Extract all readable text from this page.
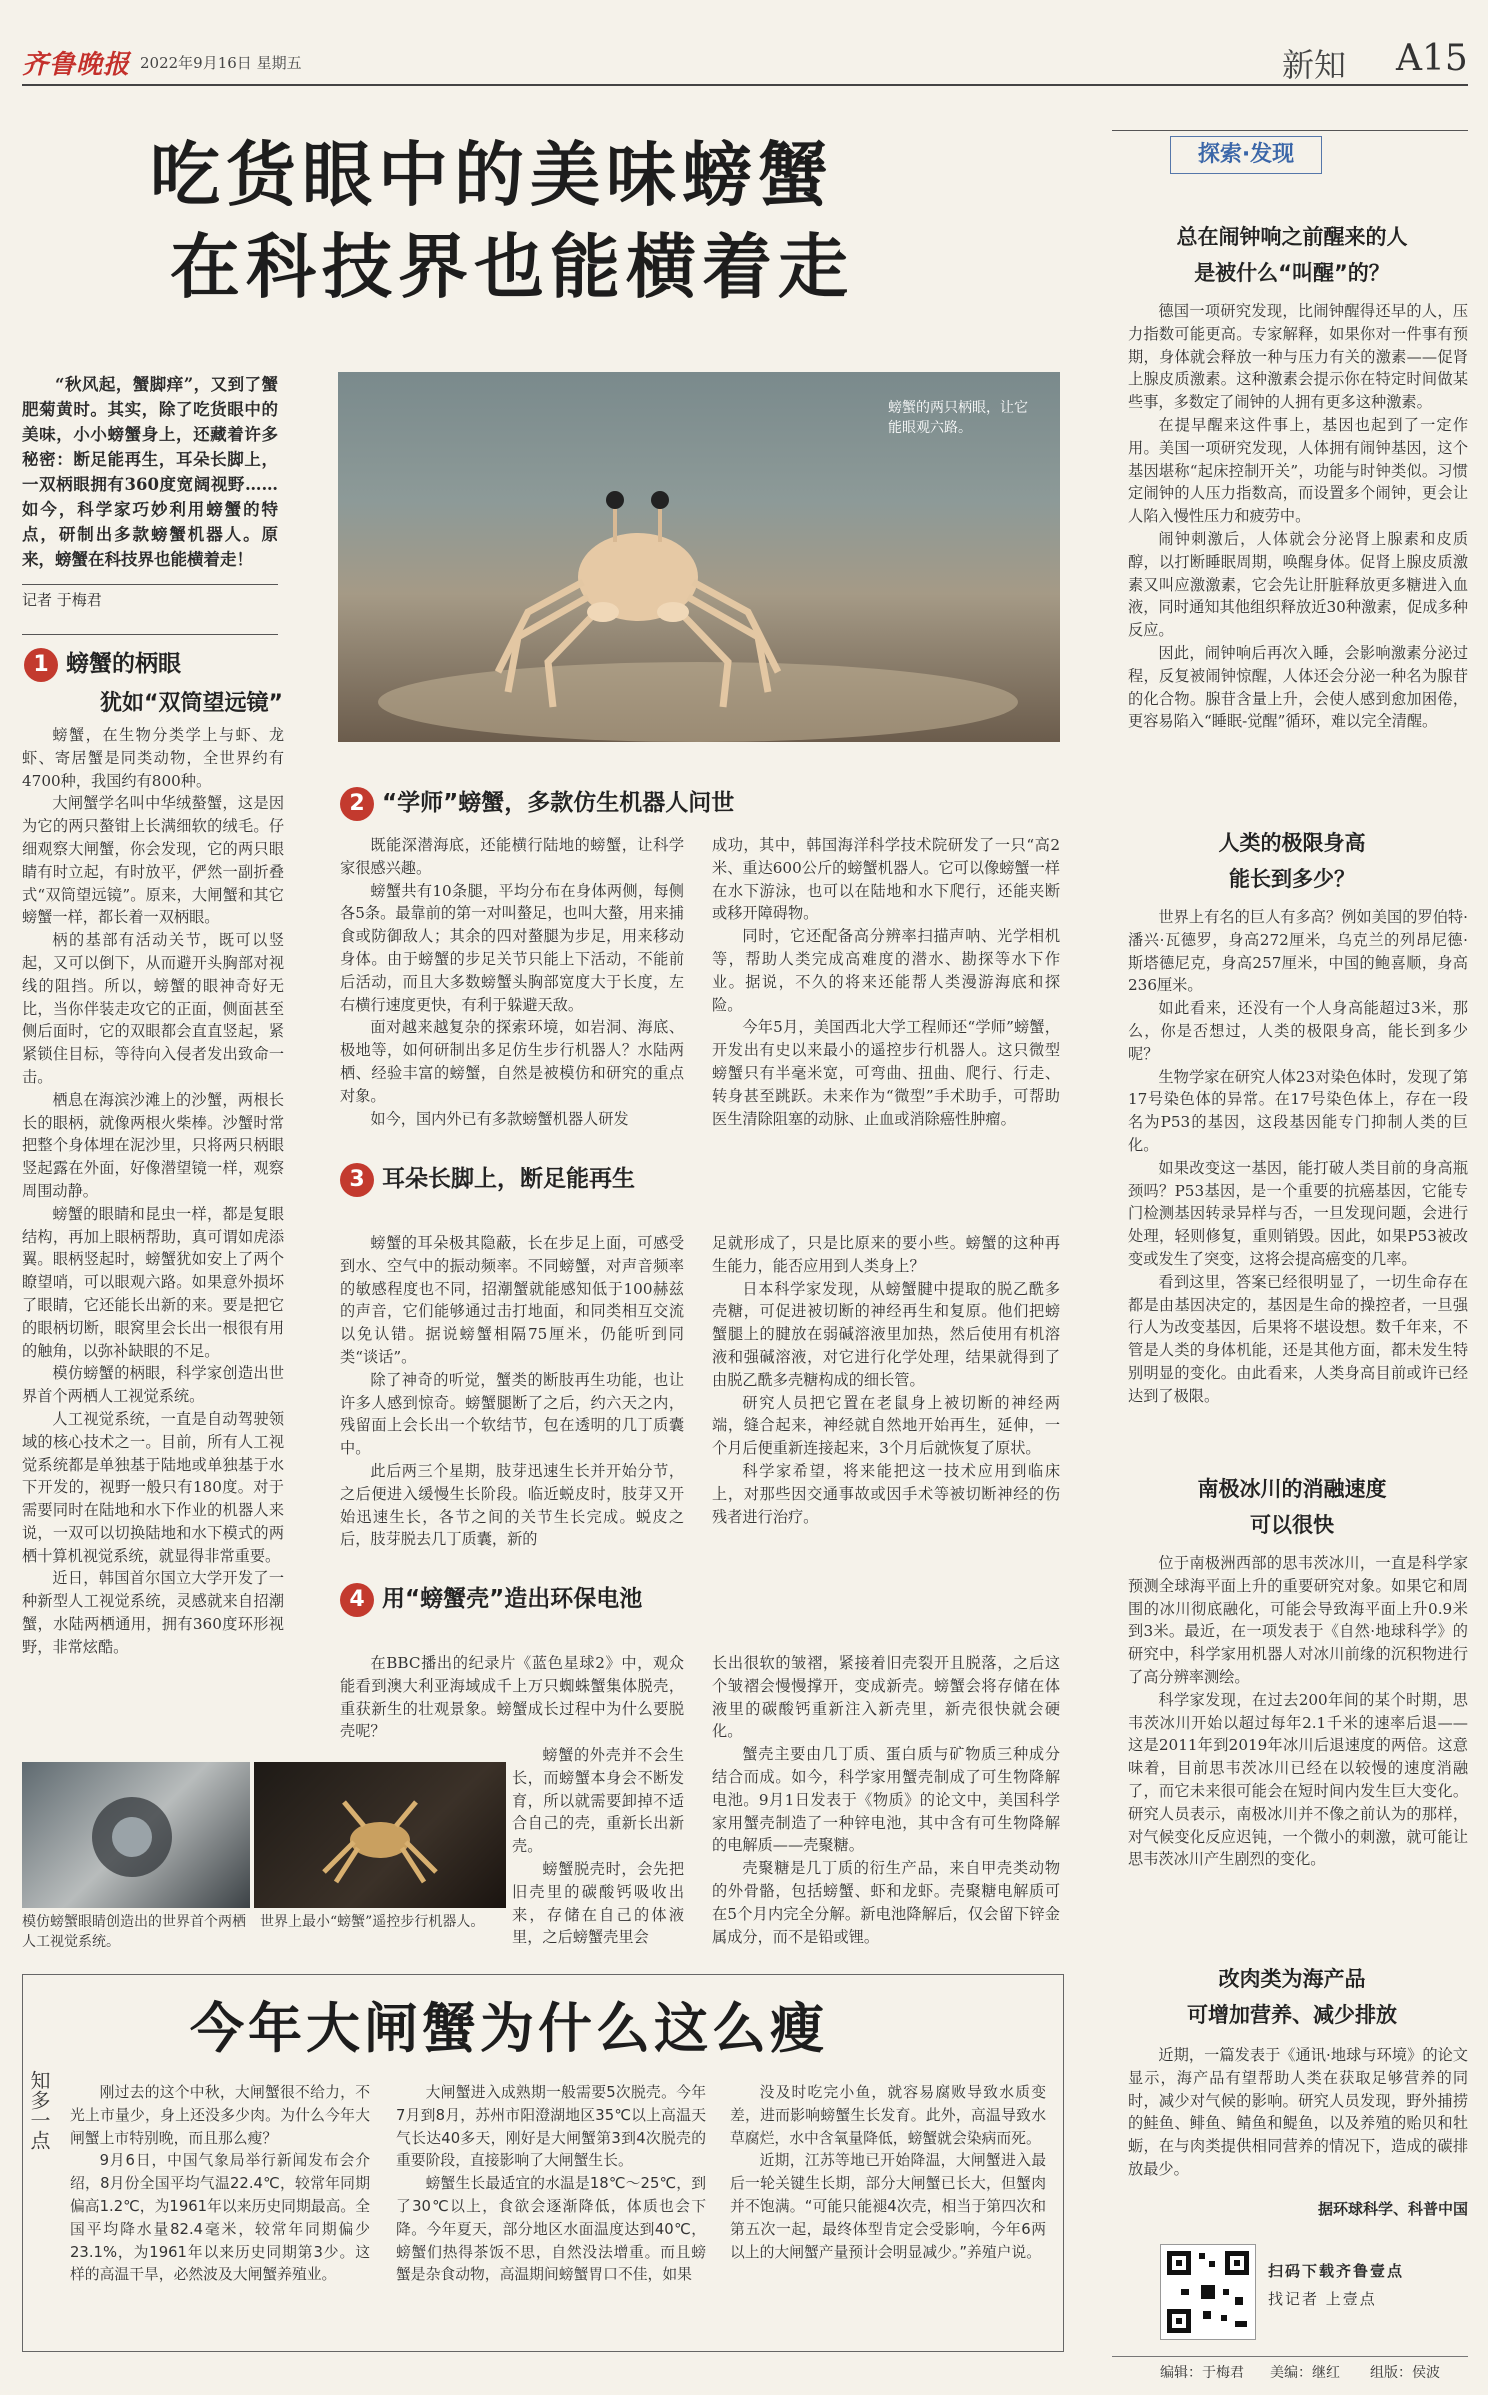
齐鲁晚报 2022年9月16日 星期五	新知 A15
吃货眼中的美味螃蟹
在科技界也能横着走
“秋风起，蟹脚痒”，又到了蟹肥菊黄时。其实，除了吃货眼中的美味，小小螃蟹身上，还藏着许多秘密：断足能再生，耳朵长脚上，一双柄眼拥有360度宽阔视野……如今，科学家巧妙利用螃蟹的特点，研制出多款螃蟹机器人。原来，螃蟹在科技界也能横着走！
记者 于梅君
螃蟹的两只柄眼，让它能眼观六路。
1 螃蟹的柄眼
犹如“双筒望远镜”

螃蟹，在生物分类学上与虾、龙虾、寄居蟹是同类动物，全世界约有4700种，我国约有800种。

大闸蟹学名叫中华绒螯蟹，这是因为它的两只螯钳上长满细软的绒毛。仔细观察大闸蟹，你会发现，它的两只眼睛有时立起，有时放平，俨然一副折叠式“双筒望远镜”。原来，大闸蟹和其它螃蟹一样，都长着一双柄眼。

柄的基部有活动关节，既可以竖起，又可以倒下，从而避开头胸部对视线的阻挡。所以，螃蟹的眼神奇好无比，当你伴装走攻它的正面，侧面甚至侧后面时，它的双眼都会直直竖起，紧紧锁住目标，等待向入侵者发出致命一击。

栖息在海滨沙滩上的沙蟹，两根长长的眼柄，就像两根火柴棒。沙蟹时常把整个身体埋在泥沙里，只将两只柄眼竖起露在外面，好像潜望镜一样，观察周围动静。

螃蟹的眼睛和昆虫一样，都是复眼结构，再加上眼柄帮助，真可谓如虎添翼。眼柄竖起时，螃蟹犹如安上了两个瞭望哨，可以眼观六路。如果意外损坏了眼睛，它还能长出新的来。要是把它的眼柄切断，眼窝里会长出一根很有用的触角，以弥补缺眼的不足。

模仿螃蟹的柄眼，科学家创造出世界首个两栖人工视觉系统。

人工视觉系统，一直是自动驾驶领域的核心技术之一。目前，所有人工视觉系统都是单独基于陆地或单独基于水下开发的，视野一般只有180度。对于需要同时在陆地和水下作业的机器人来说，一双可以切换陆地和水下模式的两栖十算机视觉系统，就显得非常重要。

近日，韩国首尔国立大学开发了一种新型人工视觉系统，灵感就来自招潮蟹，水陆两栖通用，拥有360度环形视野，非常炫酷。

2 “学师”螃蟹，多款仿生机器人问世

既能深潜海底，还能横行陆地的螃蟹，让科学家很感兴趣。

螃蟹共有10条腿，平均分布在身体两侧，每侧各5条。最靠前的第一对叫螯足，也叫大螯，用来捕食或防御敌人；其余的四对螯腿为步足，用来移动身体。由于螃蟹的步足关节只能上下活动，不能前后活动，而且大多数螃蟹头胸部宽度大于长度，左右横行速度更快，有利于躲避天敌。

面对越来越复杂的探索环境，如岩洞、海底、极地等，如何研制出多足仿生步行机器人？水陆两栖、经验丰富的螃蟹，自然是被模仿和研究的重点对象。

如今，国内外已有多款螃蟹机器人研发

成功，其中，韩国海洋科学技术院研发了一只“高2米、重达600公斤的螃蟹机器人。它可以像螃蟹一样在水下游泳，也可以在陆地和水下爬行，还能夹断或移开障碍物。

同时，它还配备高分辨率扫描声呐、光学相机等，帮助人类完成高难度的潜水、勘探等水下作业。据说，不久的将来还能帮人类漫游海底和探险。

今年5月，美国西北大学工程师还“学师”螃蟹，开发出有史以来最小的遥控步行机器人。这只微型螃蟹只有半毫米宽，可弯曲、扭曲、爬行、行走、转身甚至跳跃。未来作为“微型”手术助手，可帮助医生清除阻塞的动脉、止血或消除癌性肿瘤。

3 耳朵长脚上，断足能再生

螃蟹的耳朵极其隐蔽，长在步足上面，可感受到水、空气中的振动频率。不同螃蟹，对声音频率的敏感程度也不同，招潮蟹就能感知低于100赫兹的声音，它们能够通过击打地面，和同类相互交流以免认错。据说螃蟹相隔75厘米，仍能听到同类“谈话”。

除了神奇的听觉，蟹类的断肢再生功能，也让许多人感到惊奇。螃蟹腿断了之后，约六天之内，残留面上会长出一个软结节，包在透明的几丁质囊中。

此后两三个星期，肢芽迅速生长并开始分节，之后便进入缓慢生长阶段。临近蜕皮时，肢芽又开始迅速生长，各节之间的关节生长完成。蜕皮之后，肢芽脱去几丁质囊，新的

足就形成了，只是比原来的要小些。螃蟹的这种再生能力，能否应用到人类身上？

日本科学家发现，从螃蟹腱中提取的脱乙酰多壳糖，可促进被切断的神经再生和复原。他们把螃蟹腿上的腱放在弱碱溶液里加热，然后使用有机溶液和强碱溶液，对它进行化学处理，结果就得到了由脱乙酰多壳糖构成的细长管。

研究人员把它置在老鼠身上被切断的神经两端，缝合起来，神经就自然地开始再生，延伸，一个月后便重新连接起来，3个月后就恢复了原状。

科学家希望，将来能把这一技术应用到临床上，对那些因交通事故或因手术等被切断神经的伤残者进行治疗。

4 用“螃蟹壳”造出环保电池
在BBC播出的纪录片《蓝色星球2》中，观众能看到澳大利亚海域成千上万只蜘蛛蟹集体脱壳，重获新生的壮观景象。螃蟹成长过程中为什么要脱壳呢？

螃蟹的外壳并不会生长，而螃蟹本身会不断发育，所以就需要卸掉不适合自己的壳，重新长出新壳。

螃蟹脱壳时，会先把旧壳里的碳酸钙吸收出来，存储在自己的体液里，之后螃蟹壳里会

长出很软的皱褶，紧接着旧壳裂开且脱落，之后这个皱褶会慢慢撑开，变成新壳。螃蟹会将存储在体液里的碳酸钙重新注入新壳里，新壳很快就会硬化。

蟹壳主要由几丁质、蛋白质与矿物质三种成分结合而成。如今，科学家用蟹壳制成了可生物降解电池。9月1日发表于《物质》的论文中，美国科学家用蟹壳制造了一种锌电池，其中含有可生物降解的电解质——壳聚糖。

壳聚糖是几丁质的衍生产品，来自甲壳类动物的外骨骼，包括螃蟹、虾和龙虾。壳聚糖电解质可在5个月内完全分解。新电池降解后，仅会留下锌金属成分，而不是铅或锂。

模仿螃蟹眼睛创造出的世界首个两栖人工视觉系统。
世界上最小“螃蟹”遥控步行机器人。
知多一点
今年大闸蟹为什么这么瘦

刚过去的这个中秋，大闸蟹很不给力，不光上市量少，身上还没多少肉。为什么今年大闸蟹上市特别晚，而且那么瘦？

9月6日，中国气象局举行新闻发布会介绍，8月份全国平均气温22.4℃，较常年同期偏高1.2℃，为1961年以来历史同期最高。全国平均降水量82.4毫米，较常年同期偏少23.1%，为1961年以来历史同期第3少。这样的高温干旱，必然波及大闸蟹养殖业。

大闸蟹进入成熟期一般需要5次脱壳。今年7月到8月，苏州市阳澄湖地区35℃以上高温天气长达40多天，刚好是大闸蟹第3到4次脱壳的重要阶段，直接影响了大闸蟹生长。

螃蟹生长最适宜的水温是18℃～25℃，到了30℃以上，食欲会逐渐降低，体质也会下降。今年夏天，部分地区水面温度达到40℃，螃蟹们热得茶饭不思，自然没法增重。而且螃蟹是杂食动物，高温期间螃蟹胃口不佳，如果

没及时吃完小鱼，就容易腐败导致水质变差，进而影响螃蟹生长发育。此外，高温导致水草腐烂，水中含氧量降低，螃蟹就会染病而死。

近期，江苏等地已开始降温，大闸蟹进入最后一轮关键生长期，部分大闸蟹已长大，但蟹肉并不饱满。“可能只能褪4次壳，相当于第四次和第五次一起，最终体型肯定会受影响，今年6两以上的大闸蟹产量预计会明显减少。”养殖户说。

探索·发现
总在闹钟响之前醒来的人
是被什么“叫醒”的？

德国一项研究发现，比闹钟醒得还早的人，压力指数可能更高。专家解释，如果你对一件事有预期，身体就会释放一种与压力有关的激素——促肾上腺皮质激素。这种激素会提示你在特定时间做某些事，多数定了闹钟的人拥有更多这种激素。

在提早醒来这件事上，基因也起到了一定作用。美国一项研究发现，人体拥有闹钟基因，这个基因堪称“起床控制开关”，功能与时钟类似。习惯定闹钟的人压力指数高，而设置多个闹钟，更会让人陷入慢性压力和疲劳中。

闹钟刺激后，人体就会分泌肾上腺素和皮质醇，以打断睡眠周期，唤醒身体。促肾上腺皮质激素又叫应激激素，它会先让肝脏释放更多糖进入血液，同时通知其他组织释放近30种激素，促成多种反应。

因此，闹钟响后再次入睡，会影响激素分泌过程，反复被闹钟惊醒，人体还会分泌一种名为腺苷的化合物。腺苷含量上升，会使人感到愈加困倦，更容易陷入“睡眠-觉醒”循环，难以完全清醒。

人类的极限身高
能长到多少？

世界上有名的巨人有多高？例如美国的罗伯特·潘兴·瓦德罗，身高272厘米，乌克兰的列昂尼德·斯塔德尼克，身高257厘米，中国的鲍喜顺，身高236厘米。

如此看来，还没有一个人身高能超过3米，那么，你是否想过，人类的极限身高，能长到多少呢？

生物学家在研究人体23对染色体时，发现了第17号染色体的异常。在17号染色体上，存在一段名为P53的基因，这段基因能专门抑制人类的巨化。

如果改变这一基因，能打破人类目前的身高瓶颈吗？P53基因，是一个重要的抗癌基因，它能专门检测基因转录异样与否，一旦发现问题，会进行处理，轻则修复，重则销毁。因此，如果P53被改变或发生了突变，这将会提高癌变的几率。

看到这里，答案已经很明显了，一切生命存在都是由基因决定的，基因是生命的操控者，一旦强行人为改变基因，后果将不堪设想。数千年来，不管是人类的身体机能，还是其他方面，都未发生特别明显的变化。由此看来，人类身高目前或许已经达到了极限。

南极冰川的消融速度
可以很快

位于南极洲西部的思韦茨冰川，一直是科学家预测全球海平面上升的重要研究对象。如果它和周围的冰川彻底融化，可能会导致海平面上升0.9米到3米。最近，在一项发表于《自然·地球科学》的研究中，科学家用机器人对冰川前缘的沉积物进行了高分辨率测绘。

科学家发现，在过去200年间的某个时期，思韦茨冰川开始以超过每年2.1千米的速率后退——这是2011年到2019年冰川后退速度的两倍。这意味着，目前思韦茨冰川已经在以较慢的速度消融了，而它未来很可能会在短时间内发生巨大变化。研究人员表示，南极冰川并不像之前认为的那样，对气候变化反应迟钝，一个微小的刺激，就可能让思韦茨冰川产生剧烈的变化。

改肉类为海产品
可增加营养、减少排放

近期，一篇发表于《通讯·地球与环境》的论文显示，海产品有望帮助人类在获取足够营养的同时，减少对气候的影响。研究人员发现，野外捕捞的鲑鱼、鲱鱼、鲭鱼和鳀鱼，以及养殖的贻贝和牡蛎，在与肉类提供相同营养的情况下，造成的碳排放最少。

据环球科学、科普中国
扫码下载齐鲁壹点
找记者 上壹点
编辑：于梅君 美编：继红 组版：侯波
